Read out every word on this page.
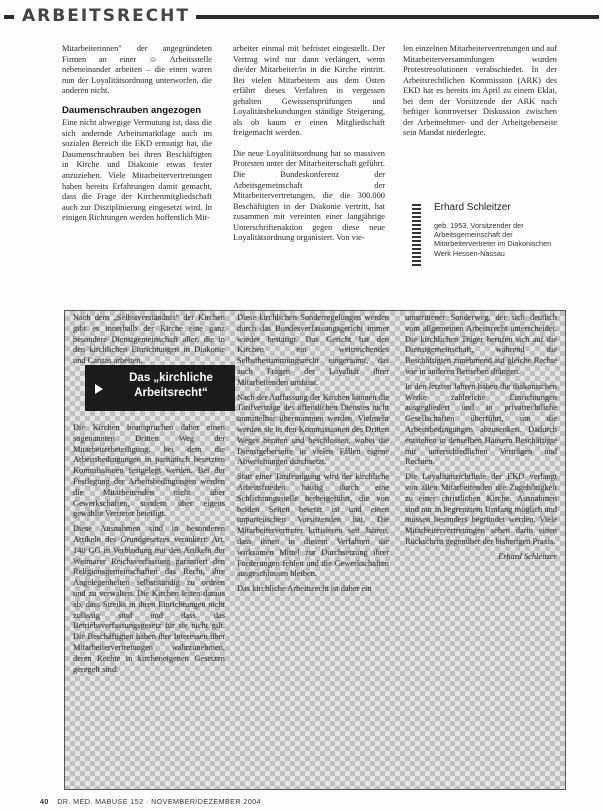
ARBEITSRECHT

Mitarbeiterinnen" der angegründeten Firmen an einer ☺ Arbeitsstelle nebeneinander arbeiten – die einen waren nun der Loyalitätsordnung unterworfen, die anderen nicht.

Daumenschrauben angezogen

Eine nicht abwegige Vermutung ist, dass die sich andernde Arbeitsmarktlage auch im sozialen Bereich die EKD ermutigt hat, die Daumenschrauben bei ihren Beschäftigten in Kirche und Diakonie etwas fester anzuziehen. Viele Mitarbeitervertretungen haben bereits Erfahrungen damit gemacht, dass die Frage der Kirchenmitgliedschaft auch zur Disziplinierung eingesetzt wird. In einigen Richtungen werden hoffentlich Mit-

arbeiter einmal mit befristet eingestellt. Der Vertrag wird nur dann verlängert, wenn die/der Mitarbeiter/in in die Kirche eintritt. Bei vielen Mitarbeitern aus dem Osten erfährt dieses Verfahren in vergessen gehalten Gewissensprüfungen und Loyalitätsbekundungen ständige Steigerung, als ob kaum er einen Mitgliedschaft freigemacht werden.

Die neue Loyalitätsordnung hat so massiven Protesten unter der Mitarbeiterschaft geführt. Die Bundeskonferenz der Arbeitsgemeinschaft der Mitarbeitervertretungen, die die 300.000 Beschäftigten in der Diakonie vertritt, hat zusammen mit vereinten einer langjährige Unterschriftenaktion gegen diese neue Loyalitätsordnung organisiert. Von vie-

len einzelnen Mitarbeitervertretungen und auf Mitarbeiterversammlungen wurden Protestresolutionen verabschiedet. In der Arbeitsrechtlichen Kommission (ARK) des EKD hat es bereits im April zu einem Eklat, bei dem der Vorsitzende der ARK nach heftiger kontroverser Diskussion zwischen der Arbeitnehmer- und der Arbeitgeberseite sein Mandat niederlegte.

Erhard Schleitzer
geb. 1953, Vorsitzender der Arbeitsgemeinschaft der Mitarbeitervertreter im Diakonischen Werk Hessen-Nassau

Nach dem „Selbstverständnis“ der Kirchen gibt es innerhalb der Kirche eine ganz besondere Dienstgemeinschaft aller, die in den kirchlichen Einrichtungen in Diakonie und Caritas arbeiten.

Die Kirchen beanspruchen daher einen sogenannten Dritten Weg der Mitarbeiterbeteiligung, bei dem die Arbeitsbedingungen in paritätisch besetzten Kommissionen festgelegt werden. Bei der Festlegung der Arbeitsbedingungen werden die Mitarbeitenden nicht über Gewerkschaften, sondern über eigens gewählte Vertreter beteiligt.

Diese Ausnahmen sind in besonderen Artikeln des Grundgesetzes verankert: Art. 140 GG in Verbindung mit den Artikeln der Weimarer Reichsverfassung garantiert den Religionsgemeinschaften das Recht, ihre Angelegenheiten selbstständig zu ordnen und zu verwalten. Die Kirchen leiten daraus ab, dass Streiks in ihren Einrichtungen nicht zulässig sind und dass das Betriebsverfassungsgesetz für sie nicht gilt. Die Beschäftigten haben ihre Interessen über Mitarbeitervertretungen wahrzunehmen, deren Rechte in kircheneigenen Gesetzen geregelt sind.

Diese kirchlichen Sonderregelungen werden durch das Bundesverfassungsgericht immer wieder bestätigt. Das Gericht hat den Kirchen ein weitreichendes Selbstbestimmungsrecht eingeräumt, das auch Fragen der Loyalität ihrer Mitarbeitenden umfasst.

Nach der Auffassung der Kirchen können die Tarifverträge des öffentlichen Dienstes nicht unmittelbar übernommen werden. Vielmehr werden sie in den Kommissionen des Dritten Weges beraten und beschlossen, wobei die Dienstgeberseite in vielen Fällen eigene Abweichungen durchsetzt.

Statt einer Tarifeinigung wird der kirchliche Arbeitsfrieden häufig durch eine Schlichtungsstelle herbeigeführt, die von beiden Seiten besetzt ist und einen unparteiischen Vorsitzenden hat. Die Mitarbeitervertreter kritisieren seit Jahren, dass ihnen in diesem Verfahren die wirksamen Mittel zur Durchsetzung ihrer Forderungen fehlen und die Gewerkschaften ausgeschlossen bleiben.

Das kirchliche Arbeitsrecht ist daher ein

umstrittener Sonderweg, der sich deutlich vom allgemeinen Arbeitsrecht unterscheidet. Die kirchlichen Träger berufen sich auf die Dienstgemeinschaft, während die Beschäftigten zunehmend auf gleiche Rechte wie in anderen Betrieben drängen.

In den letzten Jahren haben die diakonischen Werke zahlreiche Einrichtungen ausgegliedert und in privatrechtliche Gesellschaften überführt, um die Arbeitsbedingungen abzusenken. Dadurch entstehen in denselben Häusern Beschäftigte mit unterschiedlichen Verträgen und Rechten.

Die Loyalitätsrichtlinie der EKD verlangt von allen Mitarbeitenden die Zugehörigkeit zu einer christlichen Kirche. Ausnahmen sind nur in begrenztem Umfang möglich und müssen besonders begründet werden. Viele Mitarbeitervertretungen sehen darin einen Rückschritt gegenüber der bisherigen Praxis.

Erhard Schleitzer

Das „kirchliche Arbeitsrecht“
40 DR. MED. MABUSE 152 · NOVEMBER/DEZEMBER 2004
